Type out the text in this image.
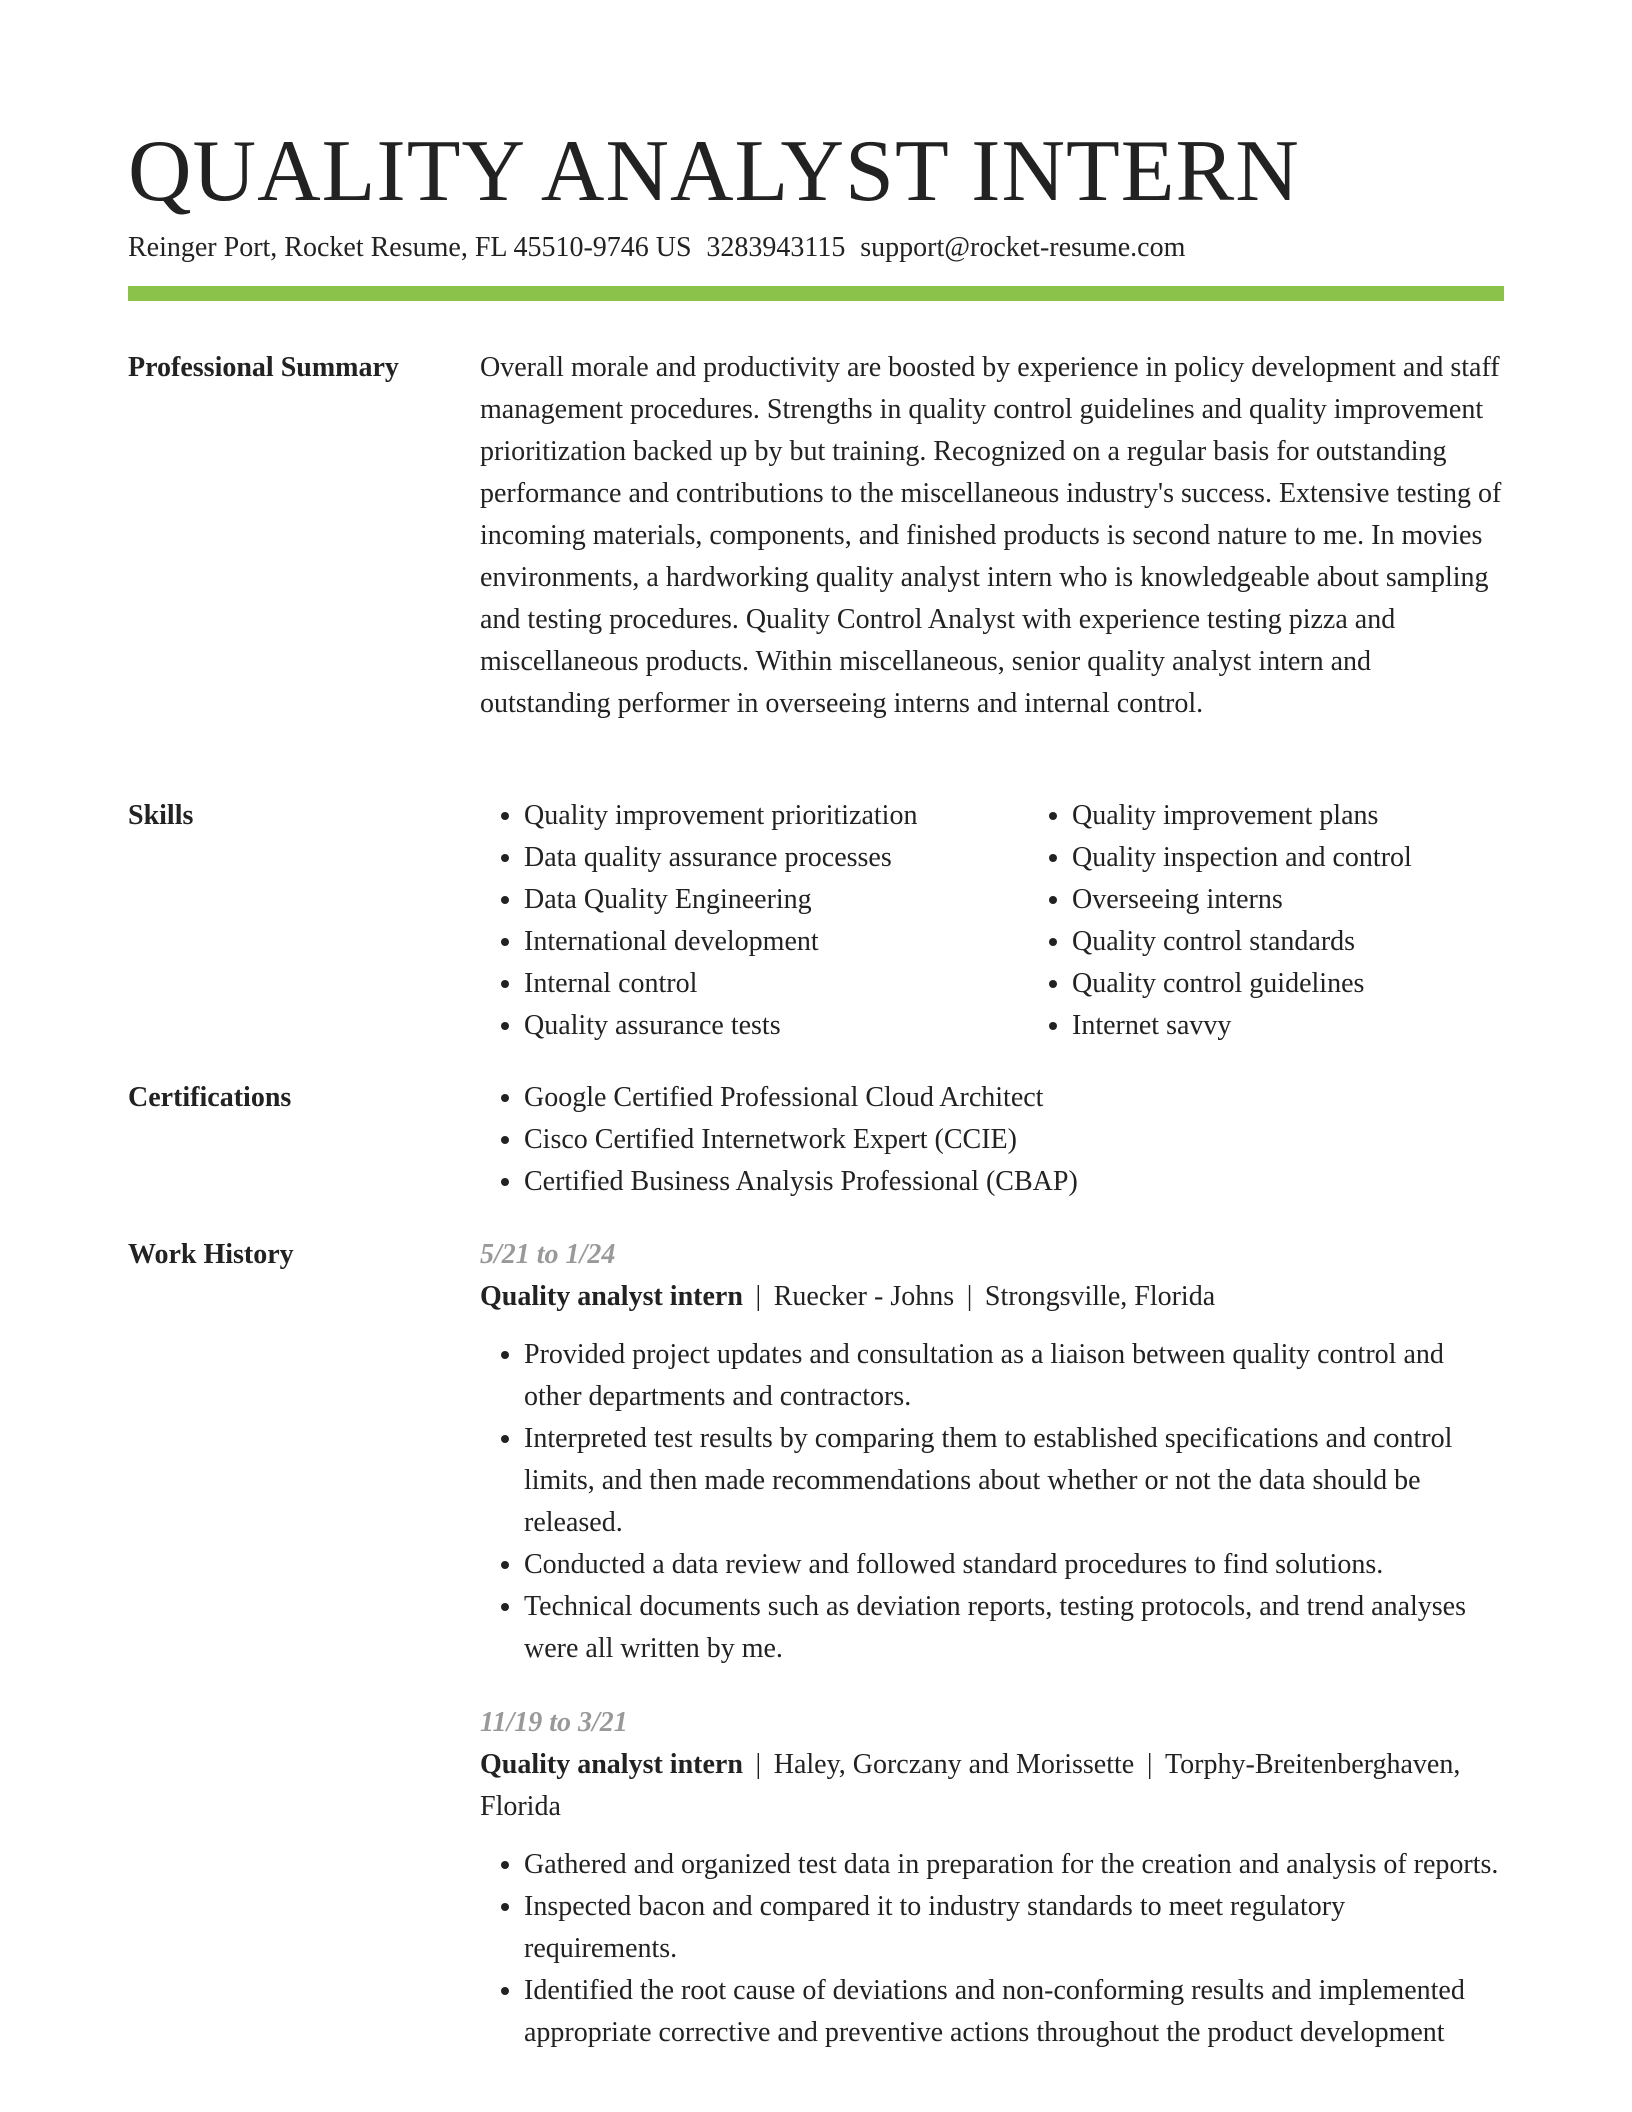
QUALITY ANALYST INTERN
Reinger Port, Rocket Resume, FL 45510-9746 US 3283943115 support@rocket-resume.com
Professional Summary	Overall morale and productivity are boosted by experience in policy development and staff management procedures. Strengths in quality control guidelines and quality improvement prioritization backed up by but training. Recognized on a regular basis for outstanding performance and contributions to the miscellaneous industry's success. Extensive testing of incoming materials, components, and finished products is second nature to me. In movies environments, a hardworking quality analyst intern who is knowledgeable about sampling and testing procedures. Quality Control Analyst with experience testing pizza and miscellaneous products. Within miscellaneous, senior quality analyst intern and outstanding performer in overseeing interns and internal control.

Skills	• Quality improvement prioritization
• Data quality assurance processes
• Data Quality Engineering
• International development
• Internal control
• Quality assurance tests
• Quality improvement plans
• Quality inspection and control
• Overseeing interns
• Quality control standards
• Quality control guidelines
• Internet savvy
Certifications	• Google Certified Professional Cloud Architect
• Cisco Certified Internetwork Expert (CCIE)
• Certified Business Analysis Professional (CBAP)
Work History	5/21 to 1/24
Quality analyst intern | Ruecker - Johns | Strongsville, Florida
• Provided project updates and consultation as a liaison between quality control and other departments and contractors.
• Interpreted test results by comparing them to established specifications and control limits, and then made recommendations about whether or not the data should be released.
• Conducted a data review and followed standard procedures to find solutions.
• Technical documents such as deviation reports, testing protocols, and trend analyses were all written by me.
11/19 to 3/21
Quality analyst intern | Haley, Gorczany and Morissette | Torphy-Breitenberghaven, Florida
• Gathered and organized test data in preparation for the creation and analysis of reports.
• Inspected bacon and compared it to industry standards to meet regulatory requirements.
• Identified the root cause of deviations and non-conforming results and implemented appropriate corrective and preventive actions throughout the product development
